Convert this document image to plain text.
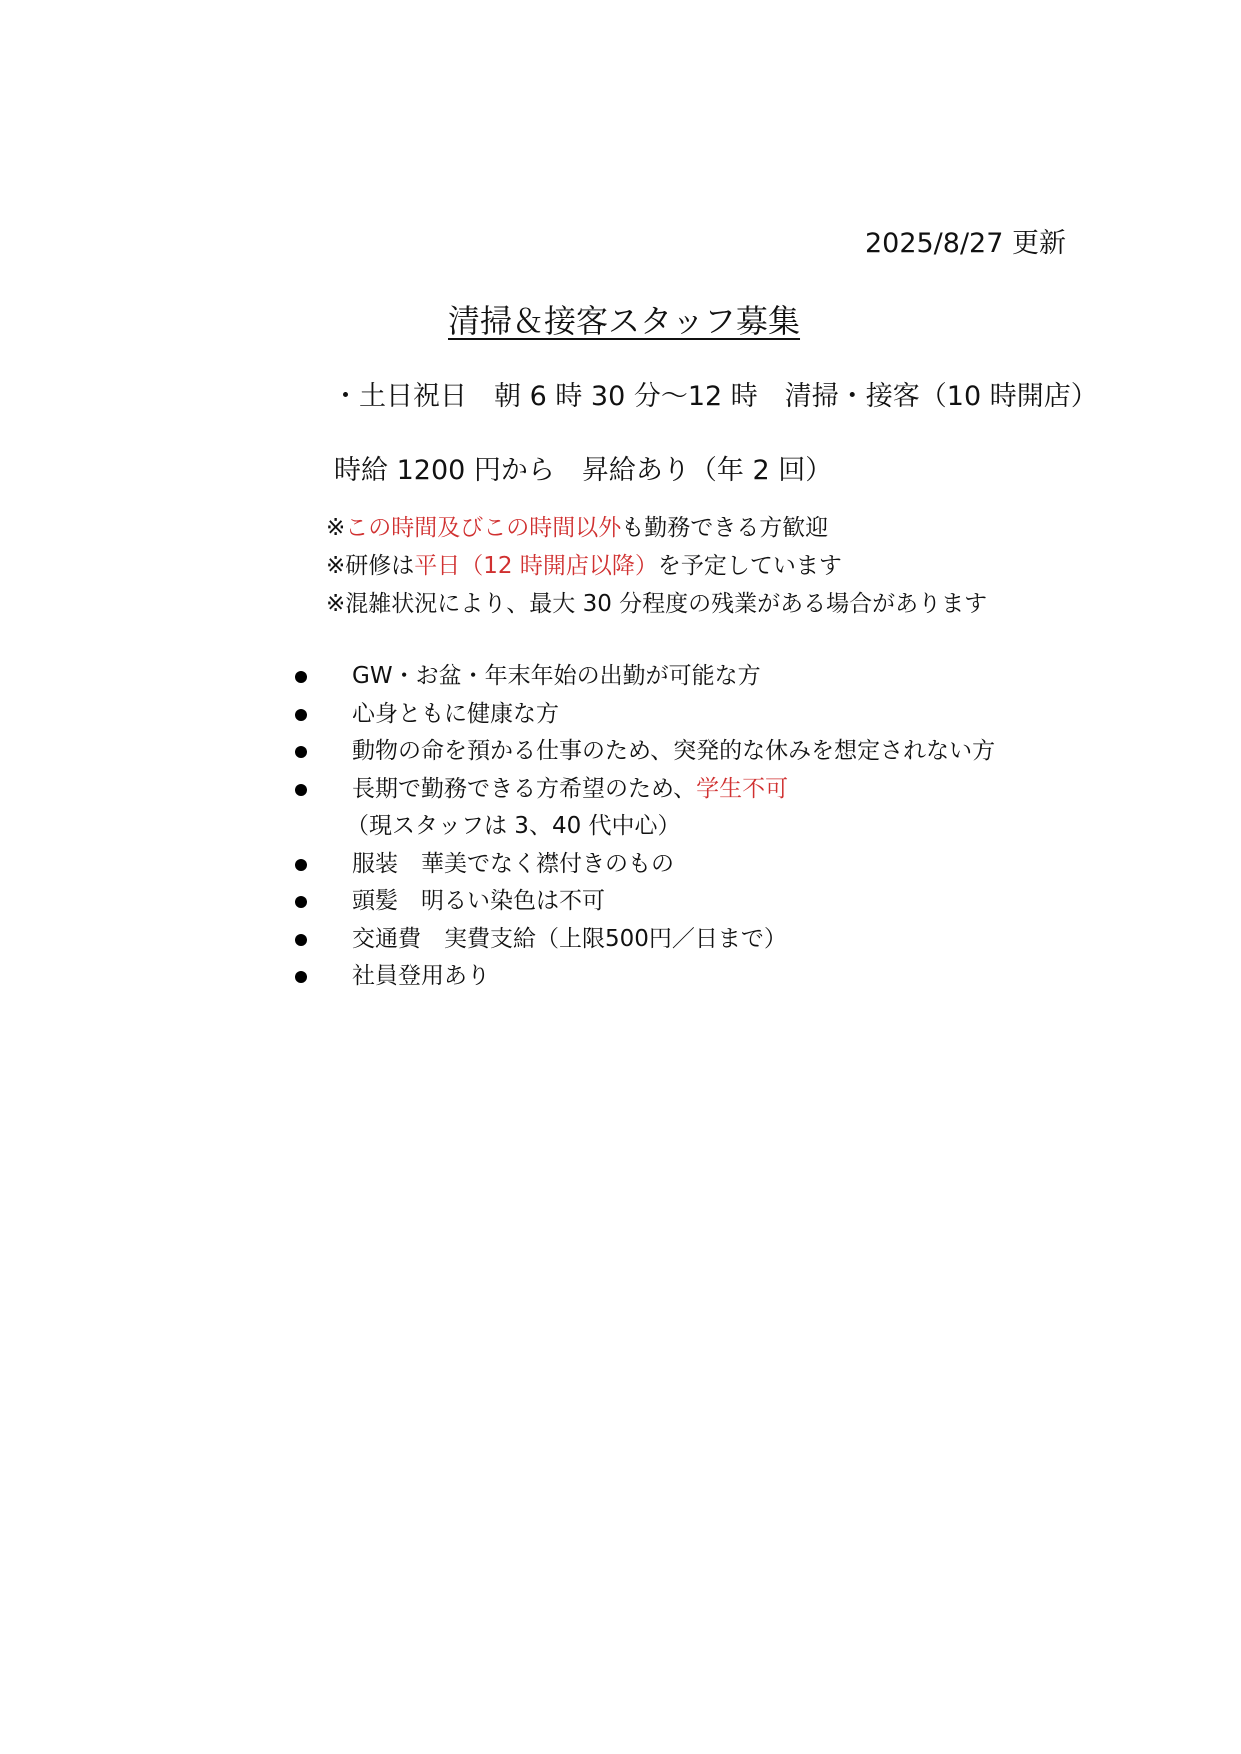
2025/8/27 更新
清掃＆接客スタッフ募集
・土日祝日　朝 6 時 30 分～12 時　清掃・接客（10 時開店）
時給 1200 円から　昇給あり（年 2 回）
※この時間及びこの時間以外も勤務できる方歓迎
※研修は平日（12 時開店以降）を予定しています
※混雑状況により、最大 30 分程度の残業がある場合があります
GW・お盆・年末年始の出勤が可能な方
心身ともに健康な方
動物の命を預かる仕事のため、突発的な休みを想定されない方
長期で勤務できる方希望のため、学生不可
（現スタッフは 3、40 代中心）
服装　華美でなく襟付きのもの
頭髪　明るい染色は不可
交通費　実費支給（上限500円／日まで）
社員登用あり
